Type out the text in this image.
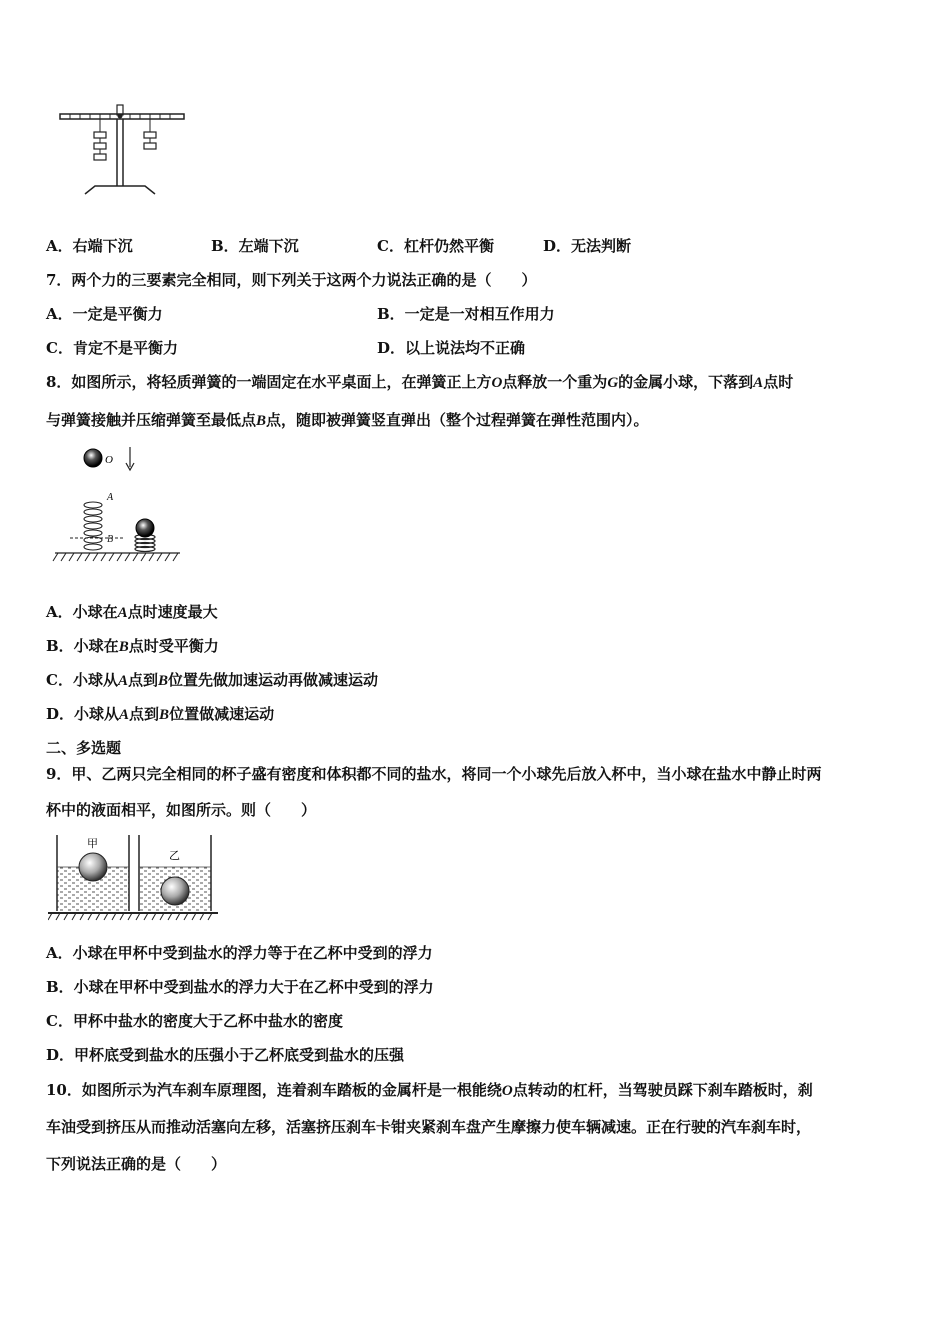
A．右端下沉	B．左端下沉	C．杠杆仍然平衡	D．无法判断
7．两个力的三要素完全相同，则下列关于这两个力说法正确的是（　　）
A．一定是平衡力	B．一定是一对相互作用力
C．肯定不是平衡力	D．以上说法均不正确
8．如图所示，将轻质弹簧的一端固定在水平桌面上，在弹簧正上方O点释放一个重为G的金属小球，下落到A点时
与弹簧接触并压缩弹簧至最低点B点，随即被弹簧竖直弹出（整个过程弹簧在弹性范围内）。
O
A
B
A．小球在A点时速度最大
B．小球在B点时受平衡力
C．小球从A点到B位置先做加速运动再做减速运动
D．小球从A点到B位置做减速运动
二、多选题
9．甲、乙两只完全相同的杯子盛有密度和体积都不同的盐水，将同一个小球先后放入杯中，当小球在盐水中静止时两
杯中的液面相平，如图所示。则（　　）
甲
乙
A．小球在甲杯中受到盐水的浮力等于在乙杯中受到的浮力
B．小球在甲杯中受到盐水的浮力大于在乙杯中受到的浮力
C．甲杯中盐水的密度大于乙杯中盐水的密度
D．甲杯底受到盐水的压强小于乙杯底受到盐水的压强
10．如图所示为汽车刹车原理图，连着刹车踏板的金属杆是一根能绕O点转动的杠杆，当驾驶员踩下刹车踏板时，刹
车油受到挤压从而推动活塞向左移，活塞挤压刹车卡钳夹紧刹车盘产生摩擦力使车辆减速。正在行驶的汽车刹车时，
下列说法正确的是（　　）
